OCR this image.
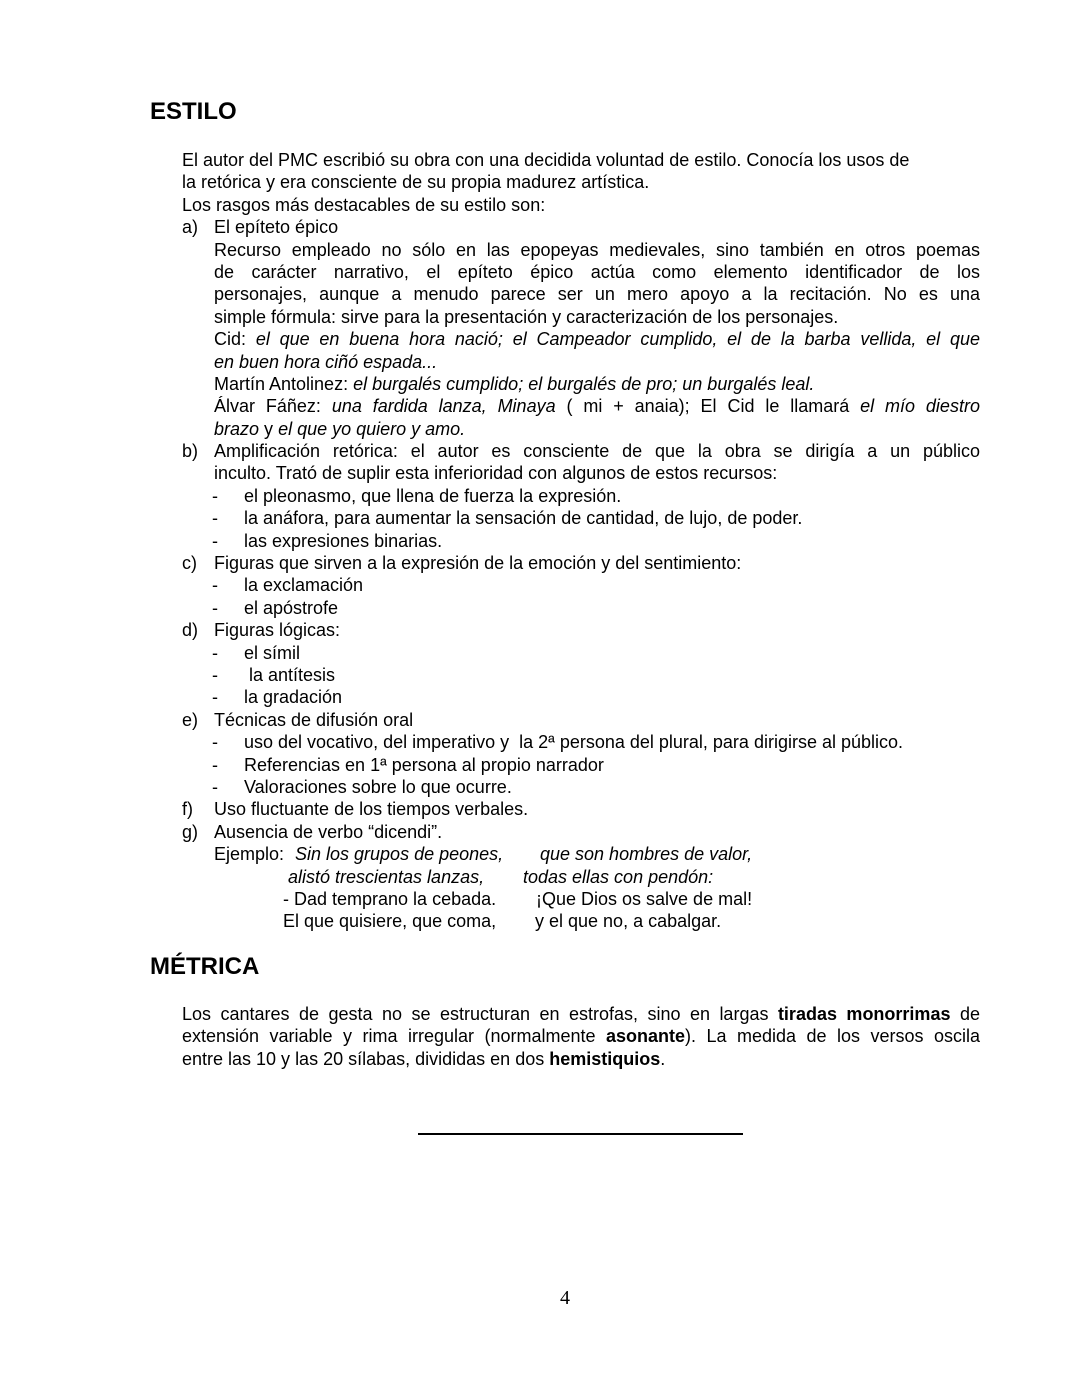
ESTILO
El autor del PMC escribió su obra con una decidida voluntad de estilo. Conocía los usos de
la retórica y era consciente de su propia madurez artística.
Los rasgos más destacables de su estilo son:
a) El epíteto épico
Recurso empleado no sólo en las epopeyas medievales, sino también en otros poemas
de carácter narrativo, el epíteto épico actúa como elemento identificador de los
personajes, aunque a menudo parece ser un mero apoyo a la recitación. No es una
simple fórmula: sirve para la presentación y caracterización de los personajes.
Cid: el que en buena hora nació; el Campeador cumplido, el de la barba vellida, el que
en buen hora ciñó espada...
Martín Antolinez: el burgalés cumplido; el burgalés de pro; un burgalés leal.
Álvar Fáñez: una fardida lanza, Minaya ( mi + anaia); El Cid le llamará el mío diestro
brazo y el que yo quiero y amo.
b) Amplificación retórica: el autor es consciente de que la obra se dirigía a un público
inculto. Trató de suplir esta inferioridad con algunos de estos recursos:
- el pleonasmo, que llena de fuerza la expresión.
- la anáfora, para aumentar la sensación de cantidad, de lujo, de poder.
- las expresiones binarias.
c) Figuras que sirven a la expresión de la emoción y del sentimiento:
- la exclamación
- el apóstrofe
d) Figuras lógicas:
- el símil
- la antítesis
- la gradación
e) Técnicas de difusión oral
- uso del vocativo, del imperativo y  la 2ª persona del plural, para dirigirse al público.
- Referencias en 1ª persona al propio narrador
- Valoraciones sobre lo que ocurre.
f) Uso fluctuante de los tiempos verbales.
g) Ausencia de verbo “dicendi”.
Ejemplo: Sin los grupos de peones, que son hombres de valor,
alistó trescientas lanzas, todas ellas con pendón:
- Dad temprano la cebada. ¡Que Dios os salve de mal!
El que quisiere, que coma, y el que no, a cabalgar.
MÉTRICA
Los cantares de gesta no se estructuran en estrofas, sino en largas tiradas monorrimas de
extensión variable y rima irregular (normalmente asonante). La medida de los versos oscila
entre las 10 y las 20 sílabas, divididas en dos hemistiquios.
4
